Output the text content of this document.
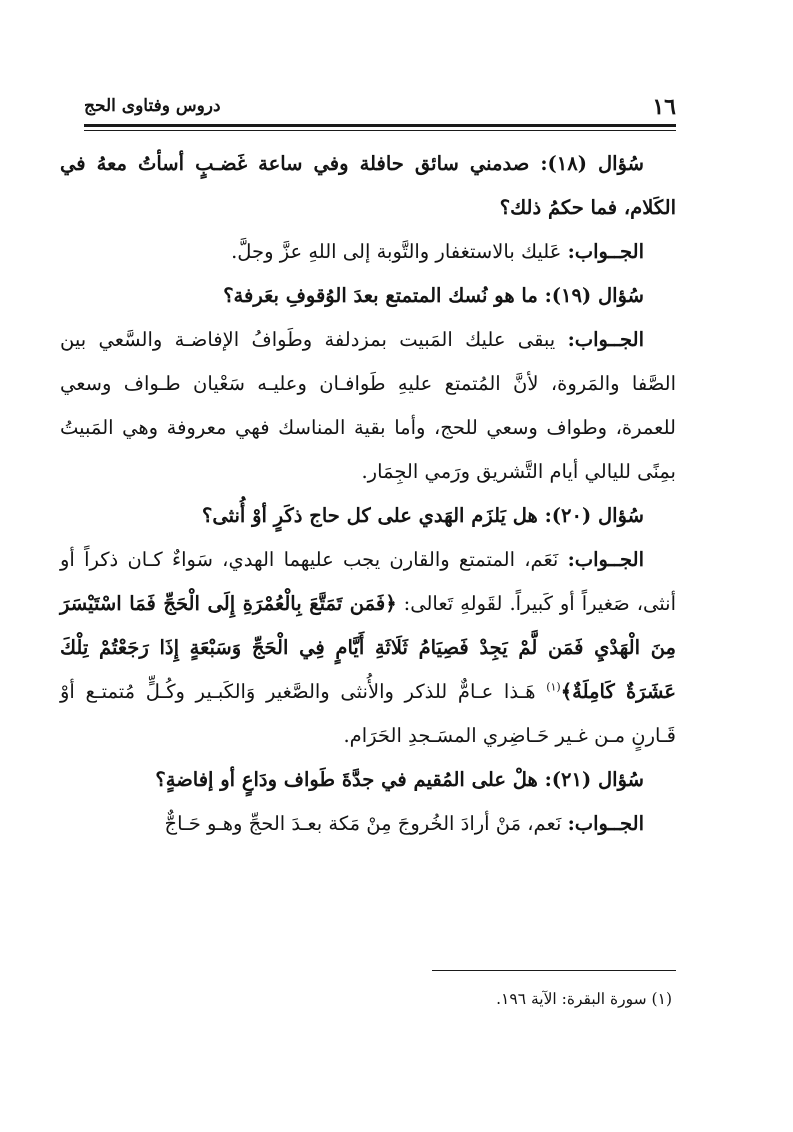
١٦
دروس وفتاوى الحج

سُؤال (١٨): صدمني سائق حافلة وفي ساعة غَضـبٍ أسأتُ معهُ في الكَلام، فما حكمُ ذلك؟

الجــواب: عَليك بالاستغفار والتَّوبة إلى اللهِ عزَّ وجلَّ.

سُؤال (١٩): ما هو نُسك المتمتع بعدَ الوُقوفِ بعَرفة؟

الجــواب: يبقى عليك المَبيت بمزدلفة وطَوافُ الإفاضـة والسَّعي بين الصَّفا والمَروة، لأنَّ المُتمتع عليهِ طَوافـان وعليـه سَعْيان طـواف وسعي للعمرة، وطواف وسعي للحج، وأما بقية المناسك فهي معروفة وهي المَبيتُ بمِنًى لليالي أيام التَّشريق ورَمي الجِمَار.

سُؤال (٢٠): هل يَلزَم الهَدي على كل حاج ذكَرٍ أوْ أُنثى؟

الجــواب: نَعَم، المتمتع والقارن يجب عليهما الهدي، سَواءٌ كـان ذكراً أو أنثى، صَغيراً أو كَبيراً. لقَولهِ تَعالى: ﴿فَمَن تَمَتَّعَ بِالْعُمْرَةِ إِلَى الْحَجِّ فَمَا اسْتَيْسَرَ مِنَ الْهَدْيِ فَمَن لَّمْ يَجِدْ فَصِيَامُ ثَلَاثَةِ أَيَّامٍ فِي الْحَجِّ وَسَبْعَةٍ إِذَا رَجَعْتُمْ تِلْكَ عَشَرَةٌ كَامِلَةٌ﴾$^{(١)}$ هَـذا عـامٌّ للذكر والأُنثى والصَّغير وَالكَبـير وكُـلٍّ مُتمتـع أوْ قَـارنٍ مـن غـير حَـاضِري المسَـجدِ الحَرَام.

سُؤال (٢١): هلْ على المُقيم في جدَّةَ طَواف ودَاعٍ أو إفاضةٍ؟

الجــواب: نَعم، مَنْ أرادَ الخُروجَ مِنْ مَكة بعـدَ الحجِّ وهـو حَـاجٌّ

(١) سورة البقرة: الآية ١٩٦.
